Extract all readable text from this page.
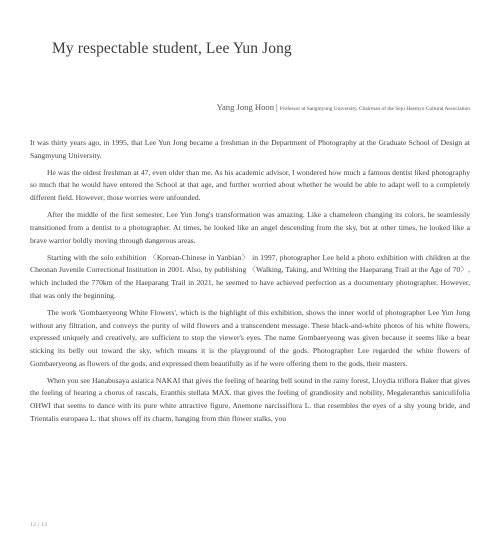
My respectable student, Lee Yun Jong
Yang Jong Hoon | Professor at Sangmyung University, Chairman of the Seju Haemyo Cultural Association

It was thirty years ago, in 1995, that Lee Yun Jong became a freshman in the Department of Photography at the Graduate School of Design at Sangmyung University.

He was the oldest freshman at 47, even older than me. As his academic advisor, I wondered how much a famous dentist liked photography so much that he would have entered the School at that age, and further worried about whether he would be able to adapt well to a completely different field. However, those worries were unfounded.

After the middle of the first semester, Lee Yun Jong's transformation was amazing. Like a chameleon changing its colors, he seamlessly transitioned from a dentist to a photographer. At times, he looked like an angel descending from the sky, but at other times, he looked like a brave warrior boldly moving through dangerous areas.

Starting with the solo exhibition 〈Korean-Chinese in Yanbian〉 in 1997, photographer Lee held a photo exhibition with children at the Cheonan Juvenile Correctional Institution in 2001. Also, by publishing 〈Walking, Taking, and Writing the Haeparang Trail at the Age of 70〉, which included the 770km of the Haeparang Trail in 2021, he seemed to have achieved perfection as a documentary photographer. However, that was only the beginning.

The work 'Gombaeryeong White Flowers', which is the highlight of this exhibition, shows the inner world of photographer Lee Yun Jong without any filtration, and conveys the purity of wild flowers and a transcendent message. These black-and-white photos of his white flowers, expressed uniquely and creatively, are sufficient to stop the viewer's eyes. The name Gombaeryeong was given because it seems like a bear sticking its belly out toward the sky, which means it is the playground of the gods. Photographer Lee regarded the white flowers of Gombaeryeong as flowers of the gods, and expressed them beautifully as if he were offering them to the gods, their masters.

When you see Hanabusaya asiatica NAKAI that gives the feeling of hearing bell sound in the rainy forest, Lloydia triflora Baker that gives the feeling of hearing a chorus of rascals, Eranthis stellata MAX. that gives the feeling of grandiosity and nobility, Megaleranthis saniculifolia OHWI that seems to dance with its pure white attractive figure, Anemone narcissiflora L. that resembles the eyes of a shy young bride, and Trientalis europaea L. that shows off its charm, hanging from thin flower stalks, you

12 | 13
